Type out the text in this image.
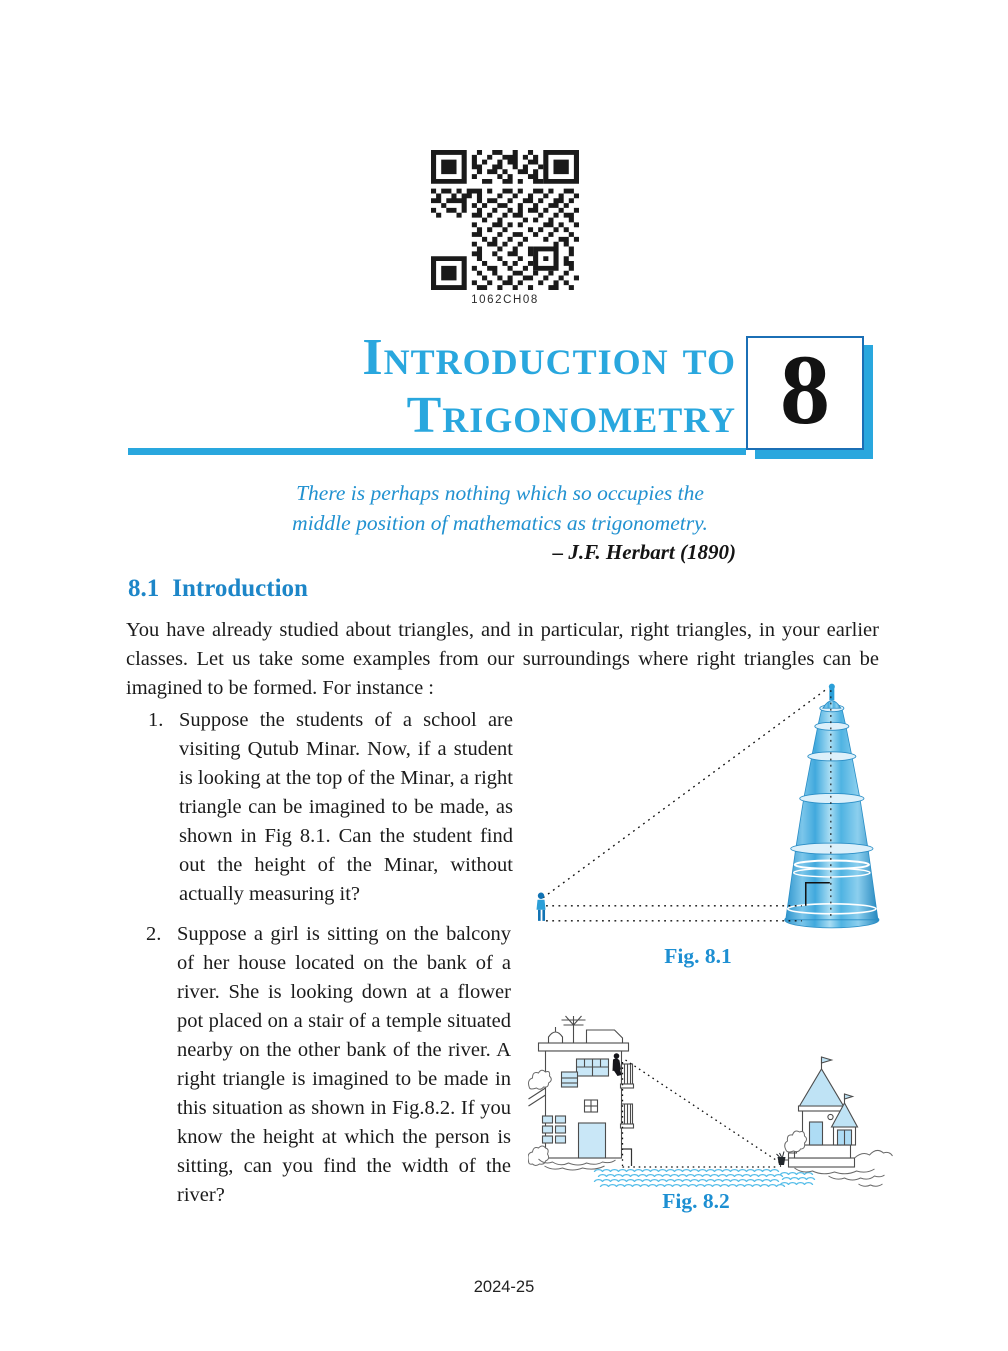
1062CH08
Introduction to
Trigonometry 8
There is perhaps nothing which so occupies the
middle position of mathematics as trigonometry.
– J.F. Herbart (1890)
8.1 Introduction
You have already studied about triangles, and in particular, right triangles, in your earlier classes. Let us take some examples from our surroundings where right triangles can be imagined to be formed. For instance :
1. Suppose the students of a school are visiting Qutub Minar. Now, if a student is looking at the top of the Minar, a right triangle can be imagined to be made, as shown in Fig 8.1. Can the student find out the height of the Minar, without actually measuring it?
2. Suppose a girl is sitting on the balcony of her house located on the bank of a river. She is looking down at a flower pot placed on a stair of a temple situated nearby on the other bank of the river. A right triangle is imagined to be made in this situation as shown in Fig.8.2. If you know the height at which the person is sitting, can you find the width of the river?
Fig. 8.1
Fig. 8.2
2024-25
